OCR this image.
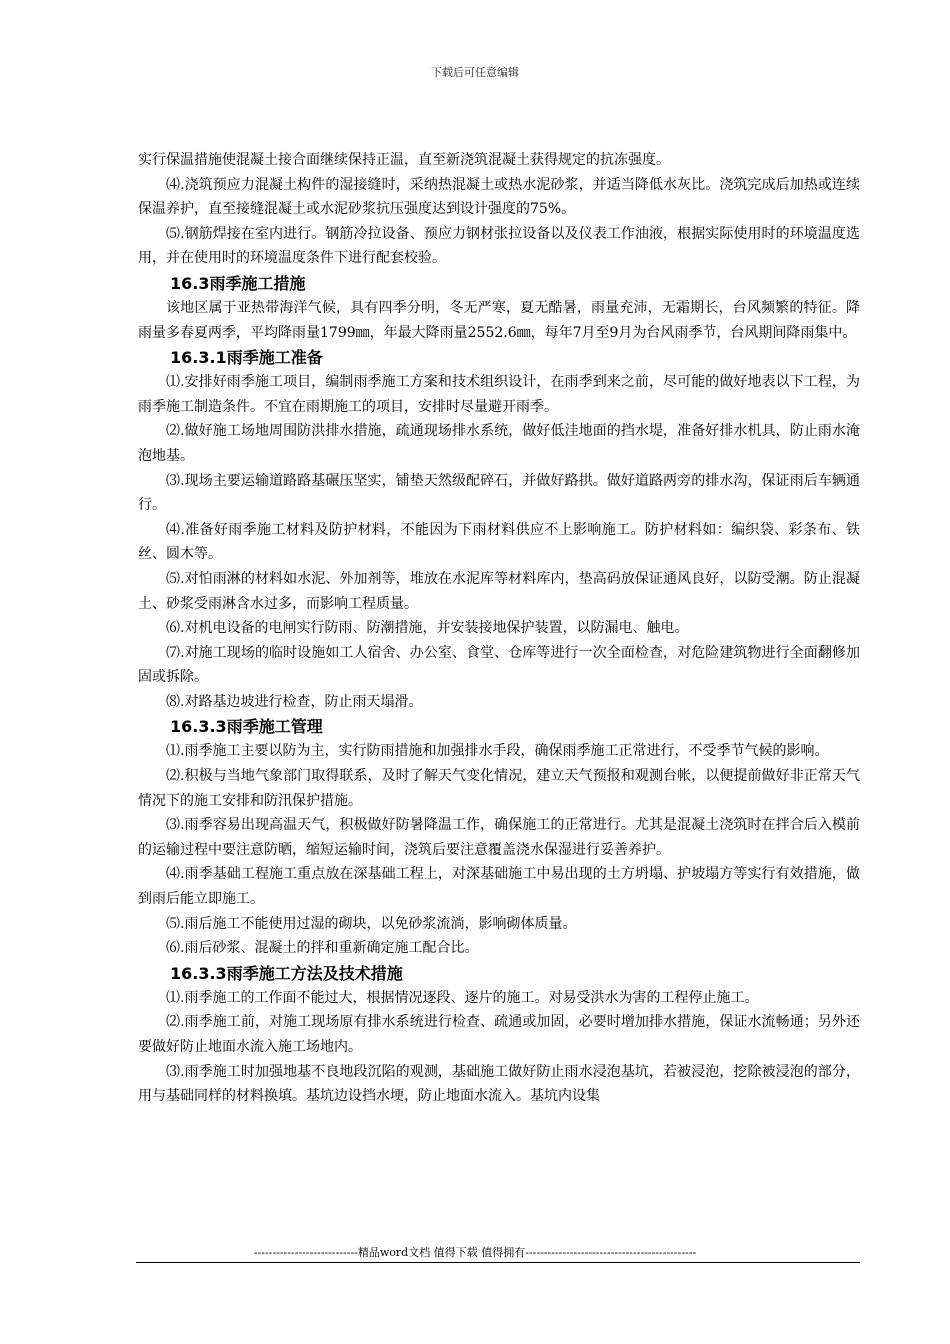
下载后可任意编辑
实行保温措施使混凝土接合面继续保持正温，直至新浇筑混凝土获得规定的抗冻强度。
⑷.浇筑预应力混凝土构件的湿接缝时，采纳热混凝土或热水泥砂浆，并适当降低水灰比。浇筑完成后加热或连续保温养护，直至接缝混凝土或水泥砂浆抗压强度达到设计强度的75%。
⑸.钢筋焊接在室内进行。钢筋冷拉设备、预应力钢材张拉设备以及仪表工作油液，根据实际使用时的环境温度选用，并在使用时的环境温度条件下进行配套校验。
16.3雨季施工措施
该地区属于亚热带海洋气候，具有四季分明，冬无严寒，夏无酷暑，雨量充沛，无霜期长，台风频繁的特征。降雨量多春夏两季，平均降雨量1799㎜，年最大降雨量2552.6㎜，每年7月至9月为台风雨季节，台风期间降雨集中。
16.3.1雨季施工准备
⑴.安排好雨季施工项目，编制雨季施工方案和技术组织设计，在雨季到来之前，尽可能的做好地表以下工程，为雨季施工制造条件。不宜在雨期施工的项目，安排时尽量避开雨季。
⑵.做好施工场地周围防洪排水措施，疏通现场排水系统，做好低洼地面的挡水堤，准备好排水机具，防止雨水淹泡地基。
⑶.现场主要运输道路路基碾压坚实，铺垫天然级配碎石，并做好路拱。做好道路两旁的排水沟，保证雨后车辆通行。
⑷.准备好雨季施工材料及防护材料，不能因为下雨材料供应不上影响施工。防护材料如：编织袋、彩条布、铁丝、圆木等。
⑸.对怕雨淋的材料如水泥、外加剂等，堆放在水泥库等材料库内，垫高码放保证通风良好，以防受潮。防止混凝土、砂浆受雨淋含水过多，而影响工程质量。
⑹.对机电设备的电闸实行防雨、防潮措施，并安装接地保护装置，以防漏电、触电。
⑺.对施工现场的临时设施如工人宿舍、办公室、食堂、仓库等进行一次全面检查，对危险建筑物进行全面翻修加固或拆除。
⑻.对路基边坡进行检查，防止雨天塌滑。
16.3.3雨季施工管理
⑴.雨季施工主要以防为主，实行防雨措施和加强排水手段，确保雨季施工正常进行，不受季节气候的影响。
⑵.积极与当地气象部门取得联系，及时了解天气变化情况，建立天气预报和观测台帐，以便提前做好非正常天气情况下的施工安排和防汛保护措施。
⑶.雨季容易出现高温天气，积极做好防暑降温工作，确保施工的正常进行。尤其是混凝土浇筑时在拌合后入模前的运输过程中要注意防晒，缩短运输时间，浇筑后要注意覆盖浇水保湿进行妥善养护。
⑷.雨季基础工程施工重点放在深基础工程上，对深基础施工中易出现的土方坍塌、护坡塌方等实行有效措施，做到雨后能立即施工。
⑸.雨后施工不能使用过湿的砌块，以免砂浆流淌，影响砌体质量。
⑹.雨后砂浆、混凝土的拌和重新确定施工配合比。
16.3.3雨季施工方法及技术措施
⑴.雨季施工的工作面不能过大，根据情况逐段、逐片的施工。对易受洪水为害的工程停止施工。
⑵.雨季施工前，对施工现场原有排水系统进行检查、疏通或加固，必要时增加排水措施，保证水流畅通；另外还要做好防止地面水流入施工场地内。
⑶.雨季施工时加强地基不良地段沉陷的观测，基础施工做好防止雨水浸泡基坑，若被浸泡，挖除被浸泡的部分，用与基础同样的材料换填。基坑边设挡水埂，防止地面水流入。基坑内设集
----------------------------精品word文档 值得下载 值得拥有----------------------------------------------
